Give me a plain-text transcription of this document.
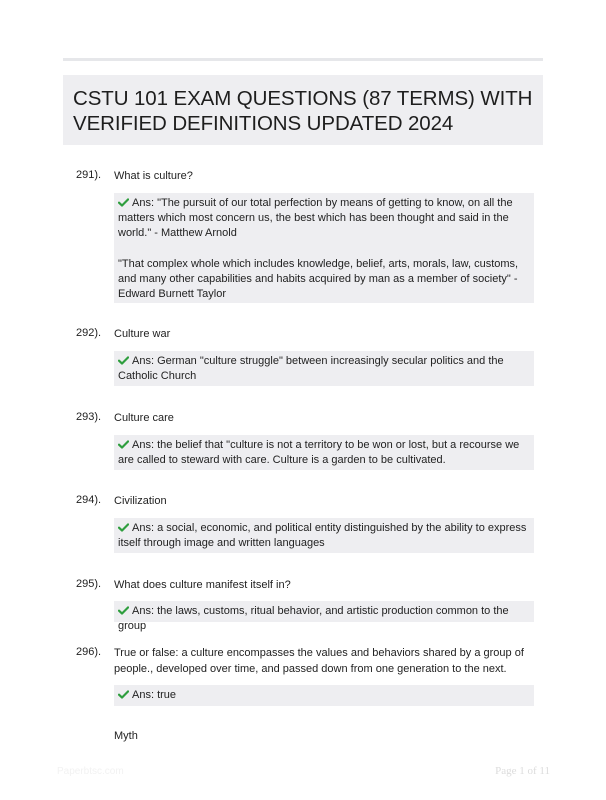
CSTU 101 EXAM QUESTIONS (87 TERMS) WITH VERIFIED DEFINITIONS UPDATED 2024
291). What is culture?

Ans: "The pursuit of our total perfection by means of getting to know, on all the matters which most concern us, the best which has been thought and said in the world." - Matthew Arnold

"That complex whole which includes knowledge, belief, arts, morals, law, customs, and many other capabilities and habits acquired by man as a member of society" - Edward Burnett Taylor

292). Culture war

Ans: German "culture struggle" between increasingly secular politics and the Catholic Church

293). Culture care

Ans: the belief that "culture is not a territory to be won or lost, but a recourse we are called to steward with care. Culture is a garden to be cultivated.

294). Civilization

Ans: a social, economic, and political entity distinguished by the ability to express itself through image and written languages

295). What does culture manifest itself in?

Ans: the laws, customs, ritual behavior, and artistic production common to the group

296). True or false: a culture encompasses the values and behaviors shared by a group of people., developed over time, and passed down from one generation to the next.

Ans: true

Myth
Paperbtsc.com	Page 1 of 11
